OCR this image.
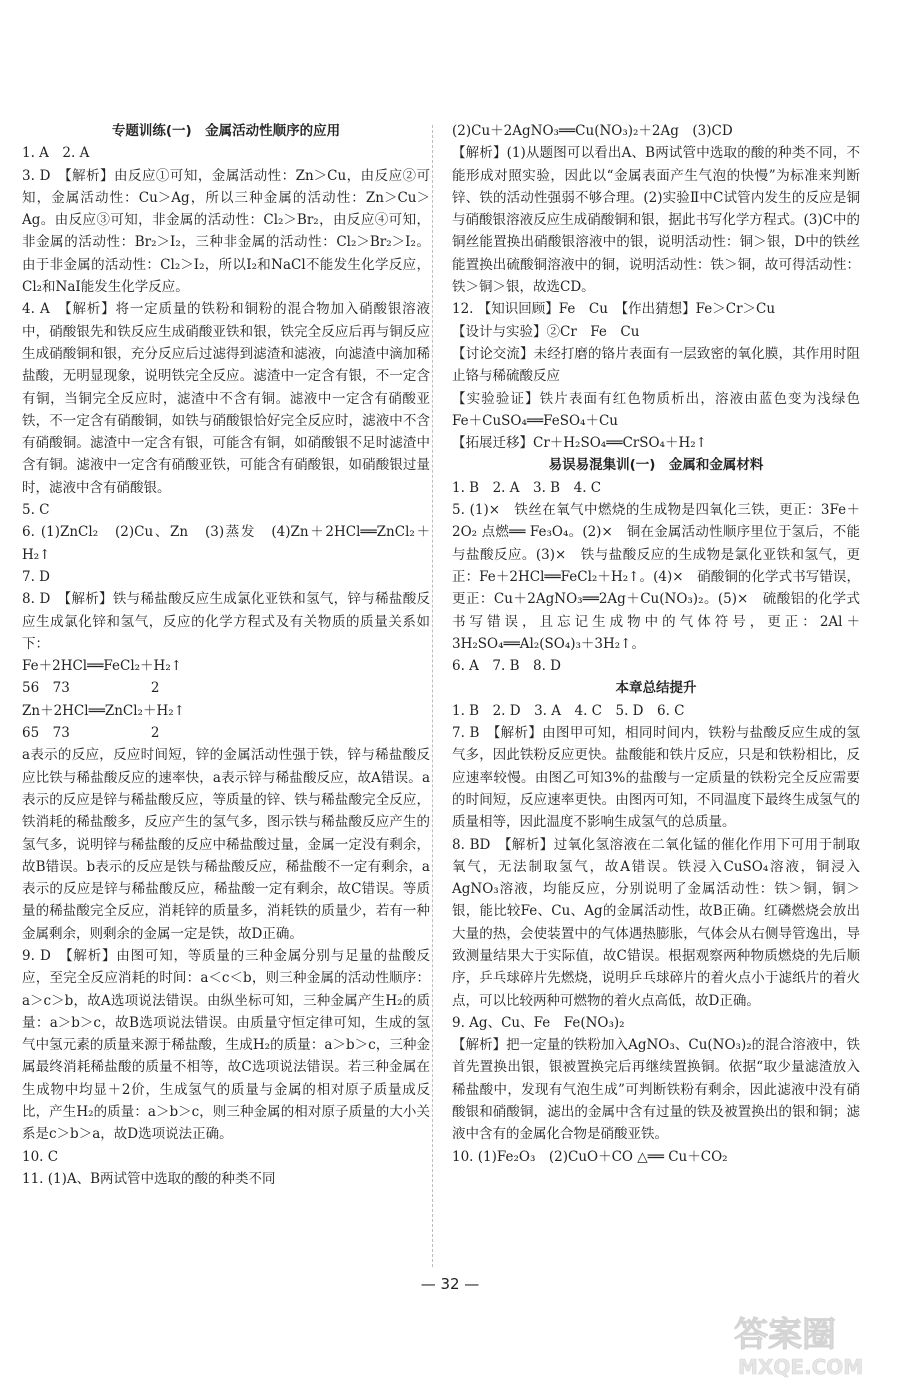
专题训练(一)　金属活动性顺序的应用

1. A　2. A

3. D　【解析】由反应①可知，金属活动性：Zn＞Cu，由反应②可知，金属活动性：Cu＞Ag，所以三种金属的活动性：Zn＞Cu＞Ag。由反应③可知，非金属的活动性：Cl₂＞Br₂，由反应④可知，非金属的活动性：Br₂＞I₂，三种非金属的活动性：Cl₂＞Br₂＞I₂。由于非金属的活动性：Cl₂＞I₂，所以I₂和NaCl不能发生化学反应，Cl₂和NaI能发生化学反应。

4. A　【解析】将一定质量的铁粉和铜粉的混合物加入硝酸银溶液中，硝酸银先和铁反应生成硝酸亚铁和银，铁完全反应后再与铜反应生成硝酸铜和银，充分反应后过滤得到滤渣和滤液，向滤渣中滴加稀盐酸，无明显现象，说明铁完全反应。滤渣中一定含有银，不一定含有铜，当铜完全反应时，滤渣中不含有铜。滤液中一定含有硝酸亚铁，不一定含有硝酸铜，如铁与硝酸银恰好完全反应时，滤液中不含有硝酸铜。滤渣中一定含有银，可能含有铜，如硝酸银不足时滤渣中含有铜。滤液中一定含有硝酸亚铁，可能含有硝酸银，如硝酸银过量时，滤液中含有硝酸银。

5. C

6. (1)ZnCl₂　(2)Cu、Zn　(3)蒸发　(4)Zn＋2HCl══ZnCl₂＋H₂↑

7. D

8. D　【解析】铁与稀盐酸反应生成氯化亚铁和氢气，锌与稀盐酸反应生成氯化锌和氢气，反应的化学方程式及有关物质的质量关系如下：

Fe＋2HCl══FeCl₂＋H₂↑

56　73　　　　　　2

Zn＋2HCl══ZnCl₂＋H₂↑

65　73　　　　　　2

a表示的反应，反应时间短，锌的金属活动性强于铁，锌与稀盐酸反应比铁与稀盐酸反应的速率快，a表示锌与稀盐酸反应，故A错误。a表示的反应是锌与稀盐酸反应，等质量的锌、铁与稀盐酸完全反应，铁消耗的稀盐酸多，反应产生的氢气多，图示铁与稀盐酸反应产生的氢气多，说明锌与稀盐酸的反应中稀盐酸过量，金属一定没有剩余，故B错误。b表示的反应是铁与稀盐酸反应，稀盐酸不一定有剩余，a表示的反应是锌与稀盐酸反应，稀盐酸一定有剩余，故C错误。等质量的稀盐酸完全反应，消耗锌的质量多，消耗铁的质量少，若有一种金属剩余，则剩余的金属一定是铁，故D正确。

9. D　【解析】由图可知，等质量的三种金属分别与足量的盐酸反应，至完全反应消耗的时间：a＜c＜b，则三种金属的活动性顺序：a＞c＞b，故A选项说法错误。由纵坐标可知，三种金属产生H₂的质量：a＞b＞c，故B选项说法错误。由质量守恒定律可知，生成的氢气中氢元素的质量来源于稀盐酸，生成H₂的质量：a＞b＞c，三种金属最终消耗稀盐酸的质量不相等，故C选项说法错误。若三种金属在生成物中均显＋2价，生成氢气的质量与金属的相对原子质量成反比，产生H₂的质量：a＞b＞c，则三种金属的相对原子质量的大小关系是c＞b＞a，故D选项说法正确。

10. C

11. (1)A、B两试管中选取的酸的种类不同

(2)Cu＋2AgNO₃══Cu(NO₃)₂＋2Ag　(3)CD

【解析】(1)从题图可以看出A、B两试管中选取的酸的种类不同，不能形成对照实验，因此以“金属表面产生气泡的快慢”为标准来判断锌、铁的活动性强弱不够合理。(2)实验Ⅱ中C试管内发生的反应是铜与硝酸银溶液反应生成硝酸铜和银，据此书写化学方程式。(3)C中的铜丝能置换出硝酸银溶液中的银，说明活动性：铜＞银，D中的铁丝能置换出硫酸铜溶液中的铜，说明活动性：铁＞铜，故可得活动性：铁＞铜＞银，故选CD。

12. 【知识回顾】Fe　Cu　【作出猜想】Fe＞Cr＞Cu

【设计与实验】②Cr　Fe　Cu

【讨论交流】未经打磨的铬片表面有一层致密的氧化膜，其作用时阻止铬与稀硫酸反应

【实验验证】铁片表面有红色物质析出，溶液由蓝色变为浅绿色　Fe＋CuSO₄══FeSO₄＋Cu

【拓展迁移】Cr＋H₂SO₄══CrSO₄＋H₂↑

易误易混集训(一)　金属和金属材料

1. B　2. A　3. B　4. C

5. (1)×　铁丝在氧气中燃烧的生成物是四氧化三铁，更正：3Fe＋2O₂ 点燃══ Fe₃O₄。(2)×　铜在金属活动性顺序里位于氢后，不能与盐酸反应。(3)×　铁与盐酸反应的生成物是氯化亚铁和氢气，更正：Fe＋2HCl══FeCl₂＋H₂↑。(4)×　硝酸铜的化学式书写错误，更正：Cu＋2AgNO₃══2Ag＋Cu(NO₃)₂。(5)×　硫酸铝的化学式书写错误，且忘记生成物中的气体符号，更正：2Al＋3H₂SO₄══Al₂(SO₄)₃＋3H₂↑。

6. A　7. B　8. D

本章总结提升

1. B　2. D　3. A　4. C　5. D　6. C

7. B　【解析】由图甲可知，相同时间内，铁粉与盐酸反应生成的氢气多，因此铁粉反应更快。盐酸能和铁片反应，只是和铁粉相比，反应速率较慢。由图乙可知3%的盐酸与一定质量的铁粉完全反应需要的时间短，反应速率更快。由图丙可知，不同温度下最终生成氢气的质量相等，因此温度不影响生成氢气的总质量。

8. BD　【解析】过氧化氢溶液在二氧化锰的催化作用下可用于制取氧气，无法制取氢气，故A错误。铁浸入CuSO₄溶液，铜浸入AgNO₃溶液，均能反应，分别说明了金属活动性：铁＞铜，铜＞银，能比较Fe、Cu、Ag的金属活动性，故B正确。红磷燃烧会放出大量的热，会使装置中的气体遇热膨胀，气体会从右侧导管逸出，导致测量结果大于实际值，故C错误。根据观察两种物质燃烧的先后顺序，乒乓球碎片先燃烧，说明乒乓球碎片的着火点小于滤纸片的着火点，可以比较两种可燃物的着火点高低，故D正确。

9. Ag、Cu、Fe　Fe(NO₃)₂

【解析】把一定量的铁粉加入AgNO₃、Cu(NO₃)₂的混合溶液中，铁首先置换出银，银被置换完后再继续置换铜。依据“取少量滤渣放入稀盐酸中，发现有气泡生成”可判断铁粉有剩余，因此滤液中没有硝酸银和硝酸铜，滤出的金属中含有过量的铁及被置换出的银和铜；滤液中含有的金属化合物是硝酸亚铁。

10. (1)Fe₂O₃　(2)CuO＋CO △══ Cu＋CO₂

— 32 —
答案圈
MXQE.COM
